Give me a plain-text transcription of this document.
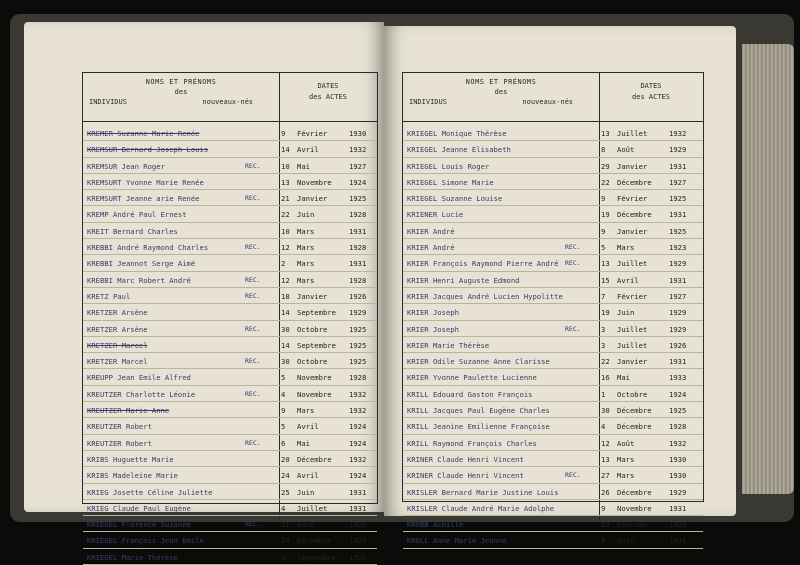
NOMS ET PRÉNOMS
des
INDIVIDUS	nouveaux-nés
DATES
des ACTES
KREMER Suzanne Marie Renée	9 Février	1930
KREMSUR Bernard Joseph Louis	14 Avril	1932
KREMSUR Jean Roger	REC.	10 Mai	1927
KREMSURT Yvonne Marie Renée	13 Novembre	1924
KREMSURT Jeanne arie Renée	REC.	21 Janvier	1925
KREMP André Paul Ernest	22 Juin	1928
KREIT Bernard Charles	10 Mars	1931
KREBBI André Raymond Charles	REC.	12 Mars	1928
KREBBI Jeannot Serge Aimé	2 Mars	1931
KREBBI Marc Robert André	REC.	12 Mars	1928
KRETZ Paul	REC.	18 Janvier	1926
KRETZER Arsène	14 Septembre	1929
KRETZER Arsène	REC.	30 Octobre	1925
KRETZER Marcel	14 Septembre	1925
KRETZER Marcel	REC.	30 Octobre	1925
KREUPP Jean Emile Alfred	5 Novembre	1928
KREUTZER Charlotte Léonie	REC.	4 Novembre	1932
KREUTZER Marie Anne	9 Mars	1932
KREUTZER Robert	5 Avril	1924
KREUTZER Robert	REC.	6 Mai	1924
KRIBS Huguette Marie	20 Décembre	1932
KRIBS Madeleine Marie	24 Avril	1924
KRIEG Josette Céline Juliette	25 Juin	1931
KRIEG Claude Paul Eugène	4 Juillet	1931
KRIEGEL Florence Suzanne	REC.	11 Août	1926
KRIEGEL François Jean Emile	24 Décembre	1925
KRIEGEL Marie Thérèse	3 Septembre	1926
NOMS ET PRÉNOMS
des
INDIVIDUS	nouveaux-nés
DATES
des ACTES
KRIEGEL Monique Thérèse	13 Juillet	1932
KRIEGEL Jeanne Elisabeth	8 Août	1929
KRIEGEL Louis Roger	29 Janvier	1931
KRIEGEL Simone Marie	22 Décembre	1927
KRIEGEL Suzanne Louise	9 Février	1925
KRIENER Lucie	19 Décembre	1931
KRIER André	9 Janvier	1925
KRIER André	REC.	5 Mars	1923
KRIER François Raymond Pierre André	REC.	13 Juillet	1929
KRIER Henri Auguste Edmond	15 Avril	1931
KRIER Jacques André Lucien Hypolitte	7 Février	1927
KRIER Joseph	19 Juin	1929
KRIER Joseph	REC.	3 Juillet	1929
KRIER Marie Thérèse	3 Juillet	1926
KRIER Odile Suzanne Anne Clarisse	22 Janvier	1931
KRIER Yvonne Paulette Lucienne	16 Mai	1933
KRILL Edouard Gaston François	1 Octobre	1924
KRILL Jacques Paul Eugène Charles	30 Décembre	1925
KRILL Jeanine Emilienne Françoise	4 Décembre	1928
KRILL Raymond François Charles	12 Août	1932
KRINER Claude Henri Vincent	13 Mars	1930
KRINER Claude Henri Vincent	REC.	27 Mars	1930
KRISLER Bernard Marie Justine Louis	26 Décembre	1929
KRISLER Claude André Marie Adolphe	9 Novembre	1931
KROBB Achille	23 Février	1928
KROLL Anne Marie Jeanne	8 Juin	1931
